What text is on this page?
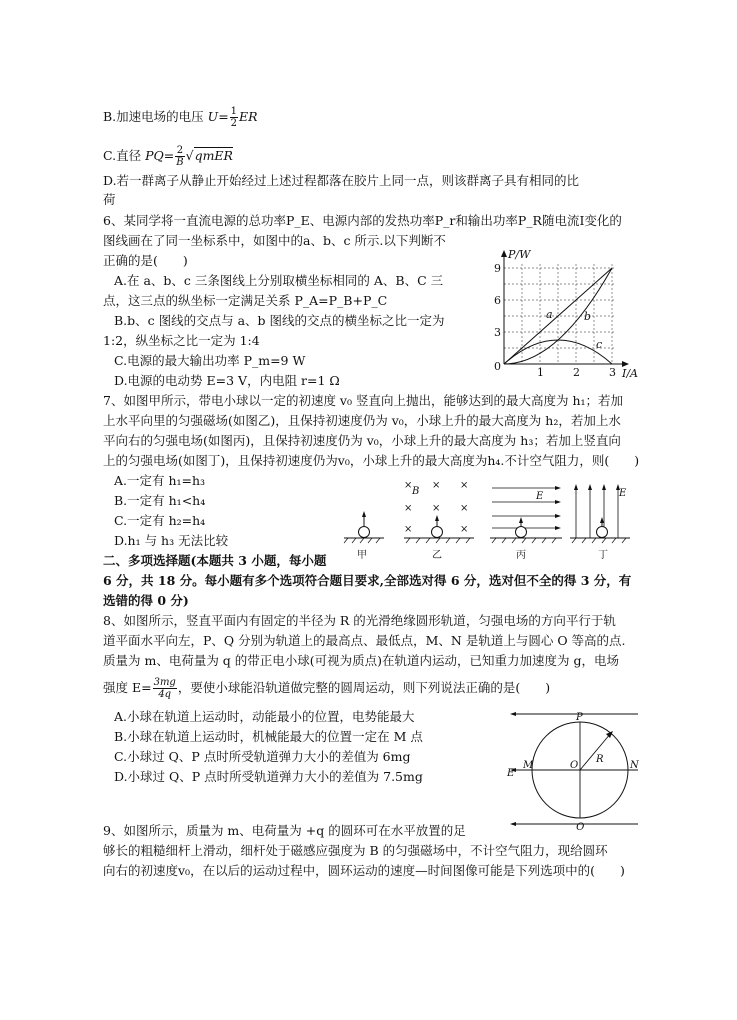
B.加速电场的电压 $U= \frac{1}{2}$ ER
C.直径 $PQ= \frac{2}{B}$ √qmER
D.若一群离子从静止开始经过上述过程都落在胶片上同一点，则该群离子具有相同的比
荷
6、某同学将一直流电源的总功率P_E、电源内部的发热功率P_r和输出功率P_R随电流I变化的
图线画在了同一坐标系中，如图中的a、b、c 所示.以下判断不
正确的是(　　)
A.在 a、b、c 三条图线上分别取横坐标相同的 A、B、C 三
点，这三点的纵坐标一定满足关系 P_A=P_B+P_C
B.b、c 图线的交点与 a、b 图线的交点的横坐标之比一定为
1:2，纵坐标之比一定为 1:4
C.电源的最大输出功率 P_m=9 W
D.电源的电动势 E=3 V，内电阻 r=1 Ω
P/W
I/A
0
9
6
3
1	2	3
a	b
c
7、如图甲所示，带电小球以一定的初速度 v₀ 竖直向上抛出，能够达到的最大高度为 h₁；若加
上水平向里的匀强磁场(如图乙)，且保持初速度仍为 v₀，小球上升的最大高度为 h₂，若加上水
平向右的匀强电场(如图丙)，且保持初速度仍为 v₀，小球上升的最大高度为 h₃；若加上竖直向
上的匀强电场(如图丁)，且保持初速度仍为v₀，小球上升的最大高度为h₄.不计空气阻力，则(　　)
A.一定有 h₁=h₃
B.一定有 h₁<h₄
C.一定有 h₂=h₄
D.h₁ 与 h₃ 无法比较
甲
× × ×
× × ×
×	×
B
乙
E
丙
E
丁
二、多项选择题(本题共 3 小题，每小题
6 分，共 18 分。每小题有多个选项符合题目要求,全部选对得 6 分，选对但不全的得 3 分，有
选错的得 0 分)
8、如图所示，竖直平面内有固定的半径为 R 的光滑绝缘圆形轨道，匀强电场的方向平行于轨
道平面水平向左，P、Q 分别为轨道上的最高点、最低点，M、N 是轨道上与圆心 O 等高的点.
质量为 m、电荷量为 q 的带正电小球(可视为质点)在轨道内运动，已知重力加速度为 g，电场
强度 $E= \frac{3mg}{4q}$ ，要使小球能沿轨道做完整的圆周运动，则下列说法正确的是(　　)
A.小球在轨道上运动时，动能最小的位置，电势能最大
B.小球在轨道上运动时，机械能最大的位置一定在 M 点
C.小球过 Q、P 点时所受轨道弹力大小的差值为 6mg
D.小球过 Q、P 点时所受轨道弹力大小的差值为 7.5mg
P
Q
M	N
O
R
E
9、如图所示，质量为 m、电荷量为 +q 的圆环可在水平放置的足
够长的粗糙细杆上滑动，细杆处于磁感应强度为 B 的匀强磁场中，不计空气阻力，现给圆环
向右的初速度v₀，在以后的运动过程中，圆环运动的速度—时间图像可能是下列选项中的(　　)
